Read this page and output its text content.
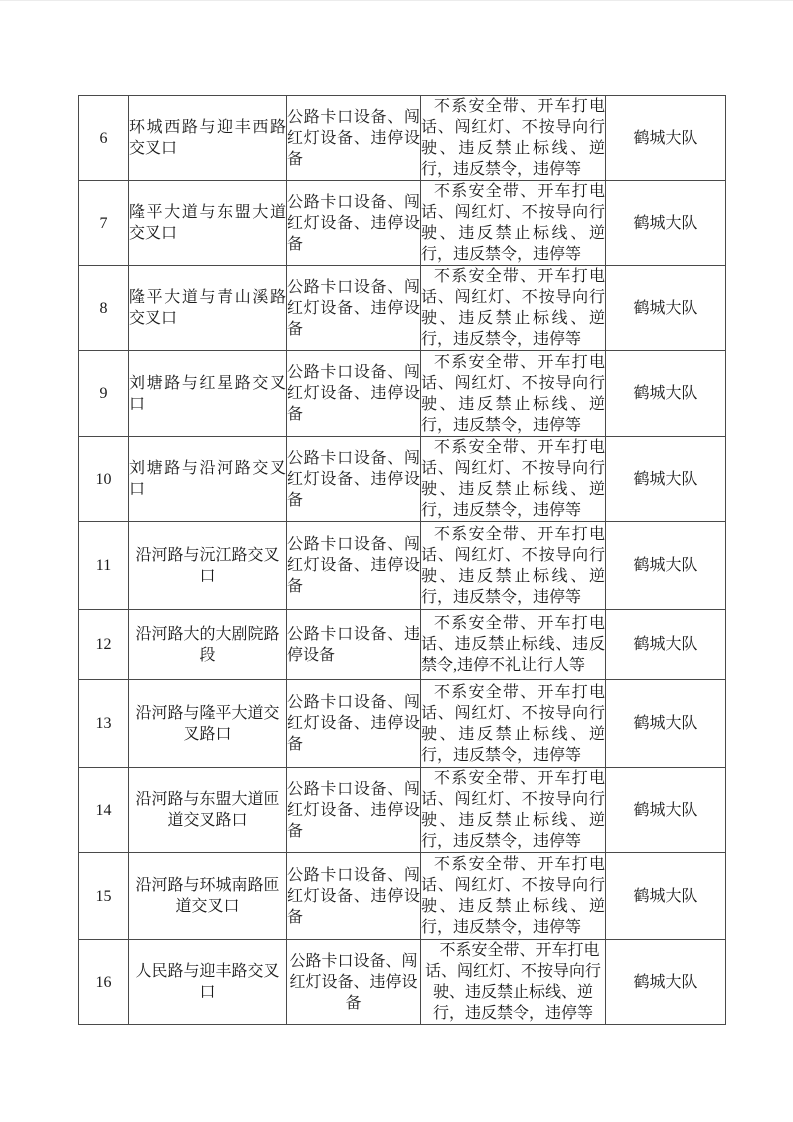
6	环城西路与迎丰西路交叉口	公路卡口设备、闯红灯设备、违停设备	不系安全带、开车打电话、闯红灯、不按导向行驶、违反禁止标线、逆行，违反禁令，违停等	鹤城大队
7	隆平大道与东盟大道交叉口	公路卡口设备、闯红灯设备、违停设备	不系安全带、开车打电话、闯红灯、不按导向行驶、违反禁止标线、逆行，违反禁令，违停等	鹤城大队
8	隆平大道与青山溪路交叉口	公路卡口设备、闯红灯设备、违停设备	不系安全带、开车打电话、闯红灯、不按导向行驶、违反禁止标线、逆行，违反禁令，违停等	鹤城大队
9	刘塘路与红星路交叉口	公路卡口设备、闯红灯设备、违停设备	不系安全带、开车打电话、闯红灯、不按导向行驶、违反禁止标线、逆行，违反禁令，违停等	鹤城大队
10	刘塘路与沿河路交叉口	公路卡口设备、闯红灯设备、违停设备	不系安全带、开车打电话、闯红灯、不按导向行驶、违反禁止标线、逆行，违反禁令，违停等	鹤城大队
11	沿河路与沅江路交叉口	公路卡口设备、闯红灯设备、违停设备	不系安全带、开车打电话、闯红灯、不按导向行驶、违反禁止标线、逆行，违反禁令，违停等	鹤城大队
12	沿河路大的大剧院路段	公路卡口设备、违停设备	不系安全带、开车打电话、违反禁止标线、违反禁令,违停不礼让行人等	鹤城大队
13	沿河路与隆平大道交叉路口	公路卡口设备、闯红灯设备、违停设备	不系安全带、开车打电话、闯红灯、不按导向行驶、违反禁止标线、逆行，违反禁令，违停等	鹤城大队
14	沿河路与东盟大道匝道交叉路口	公路卡口设备、闯红灯设备、违停设备	不系安全带、开车打电话、闯红灯、不按导向行驶、违反禁止标线、逆行，违反禁令，违停等	鹤城大队
15	沿河路与环城南路匝道交叉口	公路卡口设备、闯红灯设备、违停设备	不系安全带、开车打电话、闯红灯、不按导向行驶、违反禁止标线、逆行，违反禁令，违停等	鹤城大队
16	人民路与迎丰路交叉口	公路卡口设备、闯红灯设备、违停设备	不系安全带、开车打电话、闯红灯、不按导向行驶、违反禁止标线、逆行，违反禁令，违停等	鹤城大队
